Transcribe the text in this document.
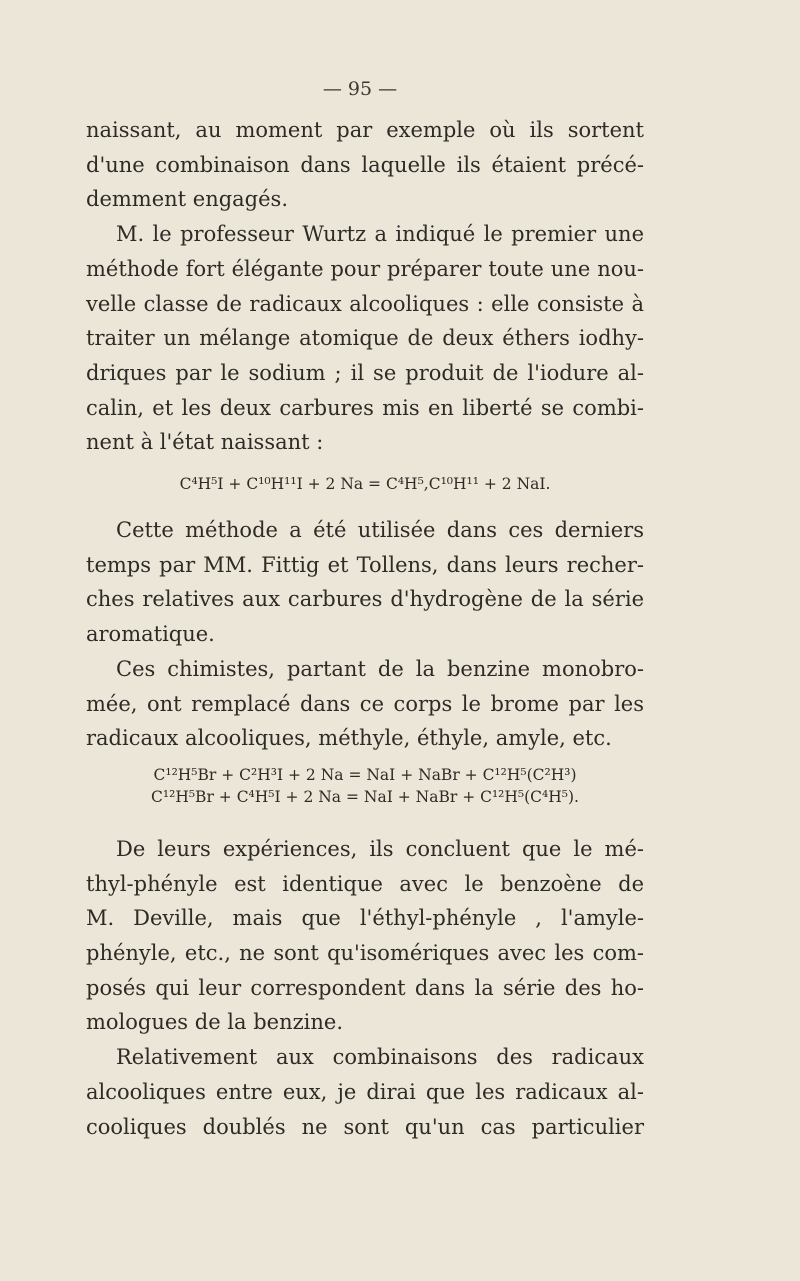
— 95 —

naissant, au moment par exemple où ils sortent
d'une combinaison dans laquelle ils étaient précé-
demment engagés.

M. le professeur Wurtz a indiqué le premier une
méthode fort élégante pour préparer toute une nou-
velle classe de radicaux alcooliques : elle consiste à
traiter un mélange atomique de deux éthers iodhy-
driques par le sodium ; il se produit de l'iodure al-
calin, et les deux carbures mis en liberté se combi-
nent à l'état naissant :

C⁴H⁵I + C¹⁰H¹¹I + 2 Na = C⁴H⁵,C¹⁰H¹¹ + 2 NaI.

Cette méthode a été utilisée dans ces derniers
temps par MM. Fittig et Tollens, dans leurs recher-
ches relatives aux carbures d'hydrogène de la série
aromatique.

Ces chimistes, partant de la benzine monobro-
mée, ont remplacé dans ce corps le brome par les
radicaux alcooliques, méthyle, éthyle, amyle, etc.

C¹²H⁵Br + C²H³I + 2 Na = NaI + NaBr + C¹²H⁵(C²H³)
C¹²H⁵Br + C⁴H⁵I + 2 Na = NaI + NaBr + C¹²H⁵(C⁴H⁵).

De leurs expériences, ils concluent que le mé-
thyl-phényle est identique avec le benzoène de
M. Deville, mais que l'éthyl-phényle , l'amyle-
phényle, etc., ne sont qu'isomériques avec les com-
posés qui leur correspondent dans la série des ho-
mologues de la benzine.

Relativement aux combinaisons des radicaux
alcooliques entre eux, je dirai que les radicaux al-
cooliques doublés ne sont qu'un cas particulier
